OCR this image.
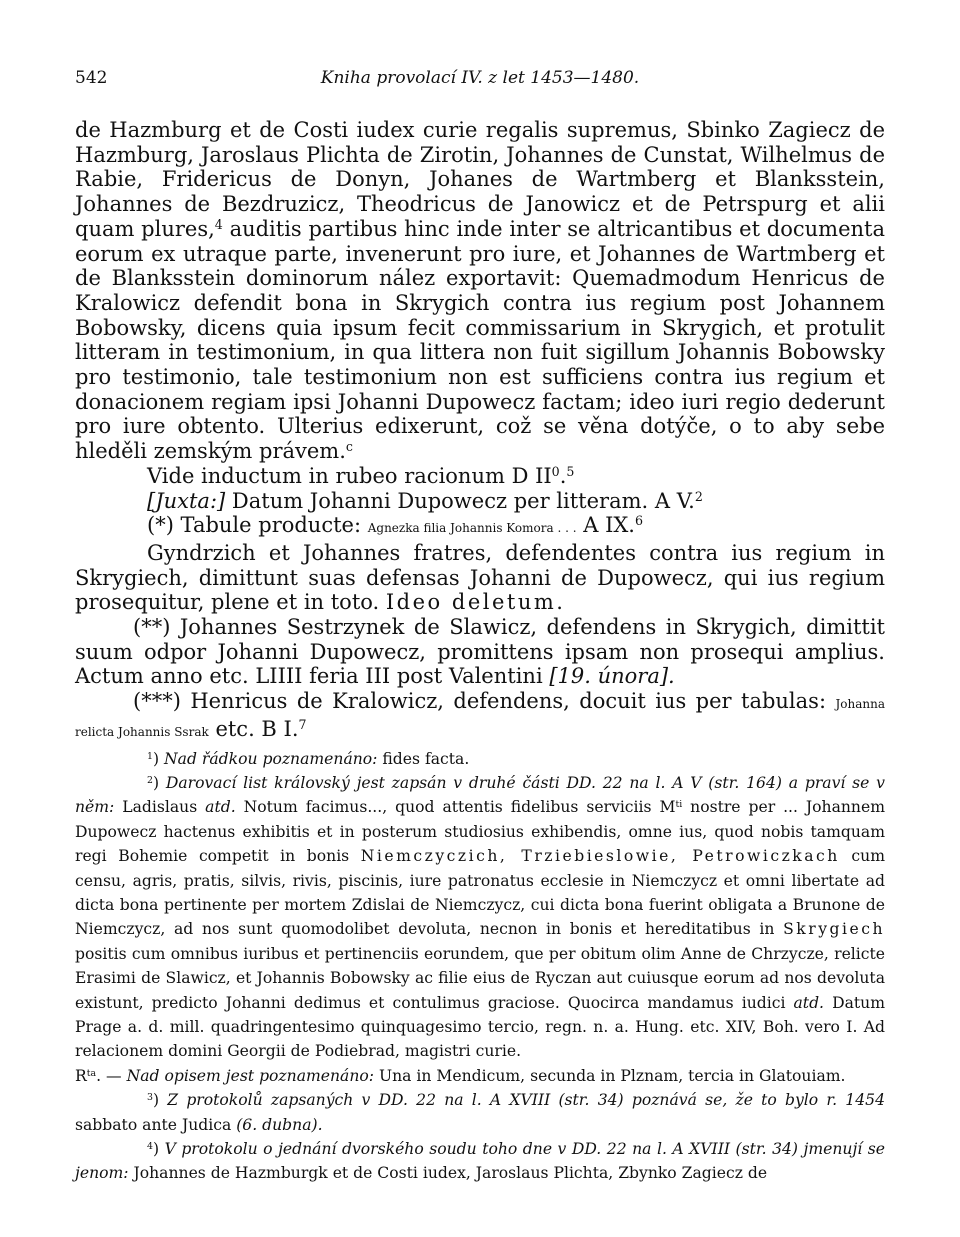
542	Kniha provolací IV. z let 1453—1480.

de Hazmburg et de Costi iudex curie regalis supremus, Sbinko Zagiecz de Hazmburg, Jaroslaus Plichta de Zirotin, Johannes de Cunstat, Wilhelmus de Rabie, Fridericus de Donyn, Johanes de Wartmberg et Blanksstein, Johannes de Bezdruzicz, Theodricus de Janowicz et de Petrspurg et alii quam plures,$^4$ auditis partibus hinc inde inter se altricantibus et documenta eorum ex utraque parte, invenerunt pro iure, et Johannes de Wartmberg et de Blanksstein dominorum nález exportavit: Quemadmodum Henricus de Kralowicz defendit bona in Skrygich contra ius regium post Johannem Bobowsky, dicens quia ipsum fecit commissarium in Skrygich, et protulit litteram in testimonium, in qua littera non fuit sigillum Johannis Bobowsky pro testimonio, tale testimonium non est sufficiens contra ius regium et donacionem regiam ipsi Johanni Dupowecz factam; ideo iuri regio dederunt pro iure obtento. Ulterius edixerunt, což se věna dotýče, o to aby sebe hleděli zemským právem.$^c$

Vide inductum in rubeo racionum D $II^0.^5$

[Juxta:] Datum Johanni Dupowecz per litteram. A V.$^2$

(*) Tabule producte: Agnezka filia Johannis Komora . . . A IX.$^6$

Gyndrzich et Johannes fratres, defendentes contra ius regium in Skrygiech, dimittunt suas defensas Johanni de Dupowecz, qui ius regium prosequitur, plene et in toto. Ideo deletum.

(**) Johannes Sestrzynek de Slawicz, defendens in Skrygich, dimittit suum odpor Johanni Dupowecz, promittens ipsam non prosequi amplius. Actum anno etc. LIIII feria III post Valentini [19. února].

(***) Henricus de Kralowicz, defendens, docuit ius per tabulas: Johanna relicta Johannis Ssrak etc. B I.$^7$

$^1$) Nad řádkou poznamenáno: fides facta.

$^2$) Darovací list královský jest zapsán v druhé části DD. 22 na l. A V (str. 164) a praví se v něm: Ladislaus atd. Notum facimus..., quod attentis fidelibus serviciis $M^{ti}$ nostre per ... Johannem Dupowecz hactenus exhibitis et in posterum studiosius exhibendis, omne ius, quod nobis tamquam regi Bohemie competit in bonis Niemczyczich, Trziebieslowie, Petrowiczkach cum censu, agris, pratis, silvis, rivis, piscinis, iure patronatus ecclesie in Niemczycz et omni libertate ad dicta bona pertinente per mortem Zdislai de Niemczycz, cui dicta bona fuerint obligata a Brunone de Niemczycz, ad nos sunt quomodolibet devoluta, necnon in bonis et hereditatibus in Skrygiech positis cum omnibus iuribus et pertinenciis eorundem, que per obitum olim Anne de Chrzycze, relicte Erasimi de Slawicz, et Johannis Bobowsky ac filie eius de Ryczan aut cuiusque eorum ad nos devoluta existunt, predicto Johanni dedimus et contulimus graciose. Quocirca mandamus iudici atd. Datum Prage a. d. mill. quadringentesimo quinquagesimo tercio, regn. n. a. Hung. etc. XIV, Boh. vero I. Ad relacionem domini Georgii de Podiebrad, magistri curie.

$R^{ta}$. — Nad opisem jest poznamenáno: Una in Mendicum, secunda in Plznam, tercia in Glatouiam.

$^3$) Z protokolů zapsaných v DD. 22 na l. A XVIII (str. 34) poznává se, že to bylo r. 1454 sabbato ante Judica (6. dubna).

$^4$) V protokolu o jednání dvorského soudu toho dne v DD. 22 na l. A XVIII (str. 34) jmenují se jenom: Johannes de Hazmburgk et de Costi iudex, Jaroslaus Plichta, Zbynko Zagiecz de
